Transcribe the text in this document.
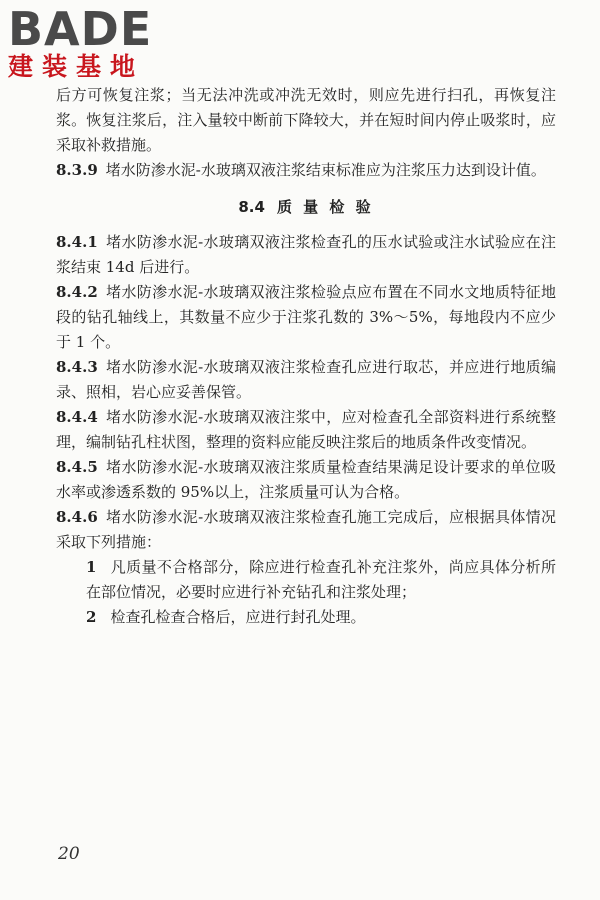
BADE
建装基地

后方可恢复注浆；当无法冲洗或冲洗无效时，则应先进行扫孔，再恢复注浆。恢复注浆后，注入量较中断前下降较大，并在短时间内停止吸浆时，应采取补救措施。

8.3.9 堵水防渗水泥-水玻璃双液注浆结束标准应为注浆压力达到设计值。

8.4 质 量 检 验

8.4.1 堵水防渗水泥-水玻璃双液注浆检查孔的压水试验或注水试验应在注浆结束 14d 后进行。

8.4.2 堵水防渗水泥-水玻璃双液注浆检验点应布置在不同水文地质特征地段的钻孔轴线上，其数量不应少于注浆孔数的 3%～5%，每地段内不应少于 1 个。

8.4.3 堵水防渗水泥-水玻璃双液注浆检查孔应进行取芯，并应进行地质编录、照相，岩心应妥善保管。

8.4.4 堵水防渗水泥-水玻璃双液注浆中，应对检查孔全部资料进行系统整理，编制钻孔柱状图，整理的资料应能反映注浆后的地质条件改变情况。

8.4.5 堵水防渗水泥-水玻璃双液注浆质量检查结果满足设计要求的单位吸水率或渗透系数的 95%以上，注浆质量可认为合格。

8.4.6 堵水防渗水泥-水玻璃双液注浆检查孔施工完成后，应根据具体情况采取下列措施：

1 凡质量不合格部分，除应进行检查孔补充注浆外，尚应具体分析所在部位情况，必要时应进行补充钻孔和注浆处理；

2 检查孔检查合格后，应进行封孔处理。

20
